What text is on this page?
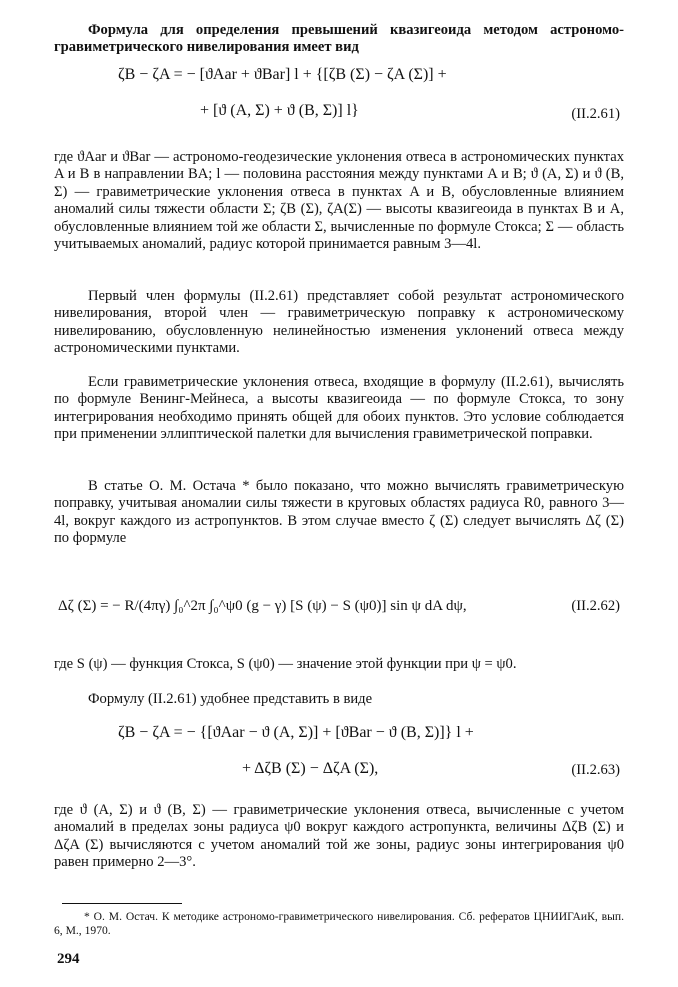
Формула для определения превышений квазигеоида методом астрономо-гравиметрического нивелирования имеет вид
ζB − ζA = − [ϑAar + ϑBar] l + {[ζB (Σ) − ζA (Σ)] +
+ [ϑ (A, Σ) + ϑ (B, Σ)] l}	(II.2.61)
где ϑAar и ϑBar — астрономо-геодезические уклонения отвеса в астрономических пунктах A и B в направлении BA; l — половина расстояния между пунктами A и B; ϑ (A, Σ) и ϑ (B, Σ) — гравиметрические уклонения отвеса в пунктах A и B, обусловленные влиянием аномалий силы тяжести области Σ; ζB (Σ), ζA(Σ) — высоты квазигеоида в пунктах B и A, обусловленные влиянием той же области Σ, вычисленные по формуле Стокса; Σ — область учитываемых аномалий, радиус которой принимается равным 3—4l.
Первый член формулы (II.2.61) представляет собой результат астрономического нивелирования, второй член — гравиметрическую поправку к астрономическому нивелированию, обусловленную нелинейностью изменения уклонений отвеса между астрономическими пунктами.
Если гравиметрические уклонения отвеса, входящие в формулу (II.2.61), вычислять по формуле Венинг-Мейнеса, а высоты квазигеоида — по формуле Стокса, то зону интегрирования необходимо принять общей для обоих пунктов. Это условие соблюдается при применении эллиптической палетки для вычисления гравиметрической поправки.
В статье О. М. Остача * было показано, что можно вычислять гравиметрическую поправку, учитывая аномалии силы тяжести в круговых областях радиуса R0, равного 3—4l, вокруг каждого из астропунктов. В этом случае вместо ζ (Σ) следует вычислять Δζ (Σ) по формуле
Δζ (Σ) = − R/(4πγ) ∫₀^2π ∫₀^ψ0 (g − γ) [S (ψ) − S (ψ0)] sin ψ dA dψ,	(II.2.62)
где S (ψ) — функция Стокса, S (ψ0) — значение этой функции при ψ = ψ0.
Формулу (II.2.61) удобнее представить в виде
ζB − ζA = − {[ϑAar − ϑ (A, Σ)] + [ϑBar − ϑ (B, Σ)]} l +
+ ΔζB (Σ) − ΔζA (Σ),	(II.2.63)
где ϑ (A, Σ) и ϑ (B, Σ) — гравиметрические уклонения отвеса, вычисленные с учетом аномалий в пределах зоны радиуса ψ0 вокруг каждого астропункта, величины ΔζB (Σ) и ΔζA (Σ) вычисляются с учетом аномалий той же зоны, радиус зоны интегрирования ψ0 равен примерно 2—3°.
* О. М. Остач. К методике астрономо-гравиметрического нивелирования. Сб. рефератов ЦНИИГАиК, вып. 6, М., 1970.
294
